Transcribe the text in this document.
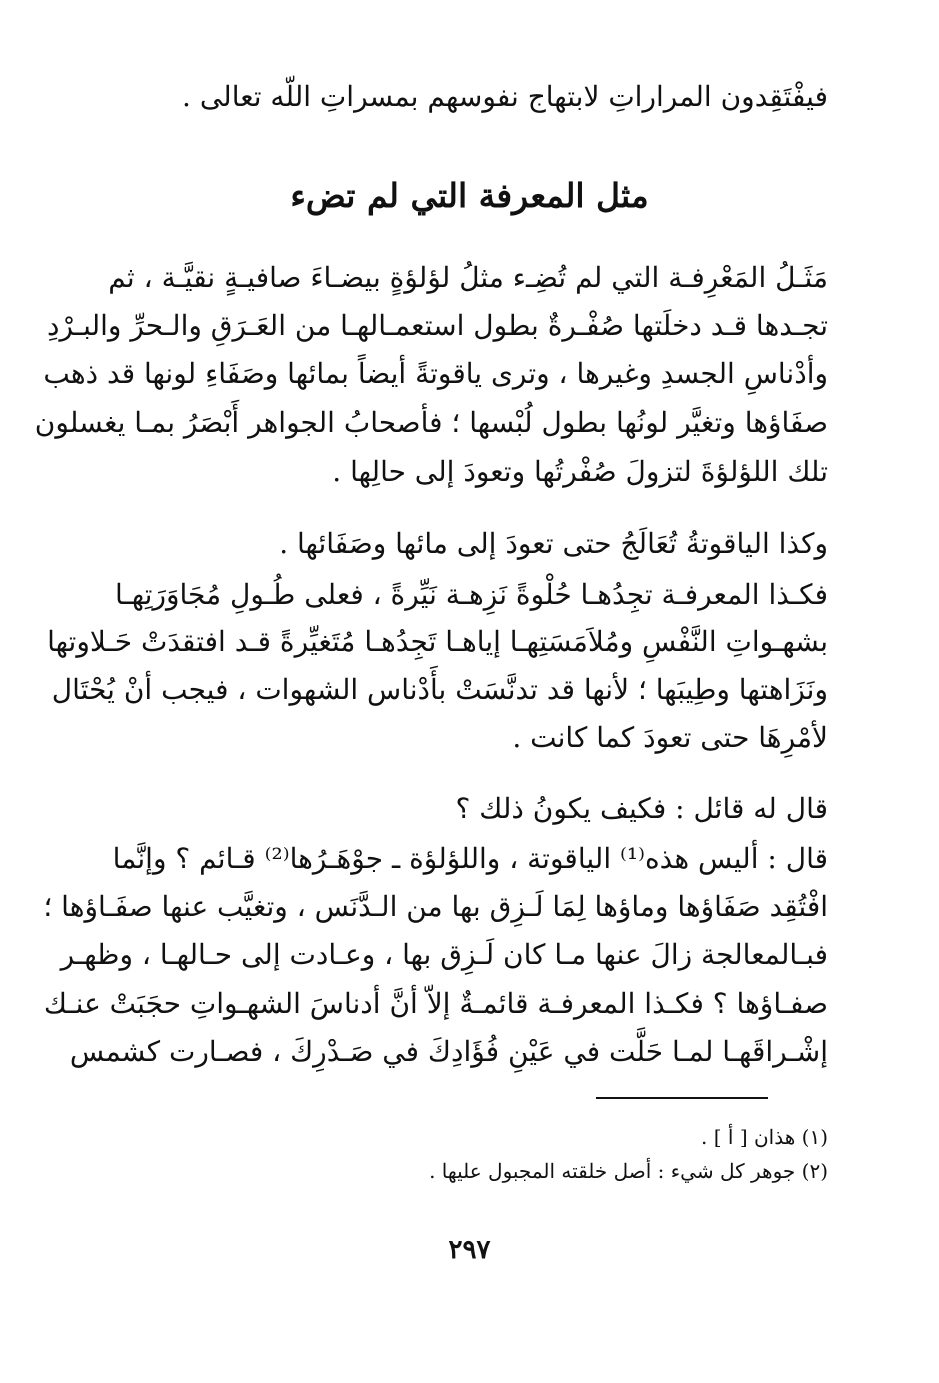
فيفْتَقِدون المراراتِ لابتهاج نفوسهم بمسراتِ اللّه تعالى .
مثل المعرفة التي لم تضء
مَثَـلُ المَعْرِفـة التي لم تُضِـء مثلُ لؤلؤةٍ بيضـاءَ صافيـةٍ نقيَّـة ، ثم
تجـدها قـد دخلَتها صُفْـرةٌ بطول استعمـالهـا من العَـرَقِ والـحرِّ والبـرْدِ
وأدْناسِ الجسدِ وغيرها ، وترى ياقوتةً أيضاً بمائها وصَفَاءِ لونها قد ذهب
صفَاؤها وتغيَّر لونُها بطول لُبْسها ؛ فأصحابُ الجواهر أَبْصَرُ بمـا يغسلون
تلك اللؤلؤةَ لتزولَ صُفْرتُها وتعودَ إلى حالِها .
وكذا الياقوتةُ تُعَالَجُ حتى تعودَ إلى مائها وصَفَائها .
فكـذا المعرفـة تجِدُهـا حُلْوةً نَزِهـة نَيِّرةً ، فعلى طُـولِ مُجَاوَرَتِهـا
بشهـواتِ النَّفْسِ ومُلاَمَسَتِهـا إياهـا تَجِدُهـا مُتَغيِّرةً قـد افتقدَتْ حَـلاوتها
ونَزَاهتها وطِيبَها ؛ لأنها قد تدنَّسَتْ بأَدْناس الشهوات ، فيجب أنْ يُحْتَال
لأمْرِهَا حتى تعودَ كما كانت .
قال له قائل : فكيف يكونُ ذلك ؟
قال : أليس هذه⁽¹⁾ الياقوتة ، واللؤلؤة ـ جوْهَـرُها⁽²⁾ قـائم ؟ وإنَّما
افْتُقِد صَفَاؤها وماؤها لِمَا لَـزِق بها من الـدَّنَس ، وتغيَّب عنها صفَـاؤها ؛
فبـالمعالجة زالَ عنها مـا كان لَـزِق بها ، وعـادت إلى حـالهـا ، وظهـر
صفـاؤها ؟ فكـذا المعرفـة قائمـةٌ إلاّ أنَّ أدناسَ الشهـواتِ حجَبَتْ عنـك
إشْـراقَهـا لمـا حَلَّت في عَيْنِ فُؤَادِكَ في صَـدْرِكَ ، فصـارت كشمس
(١) هذان [ أ ] .
(٢) جوهر كل شيء : أصل خلقته المجبول عليها .
٢٩٧
